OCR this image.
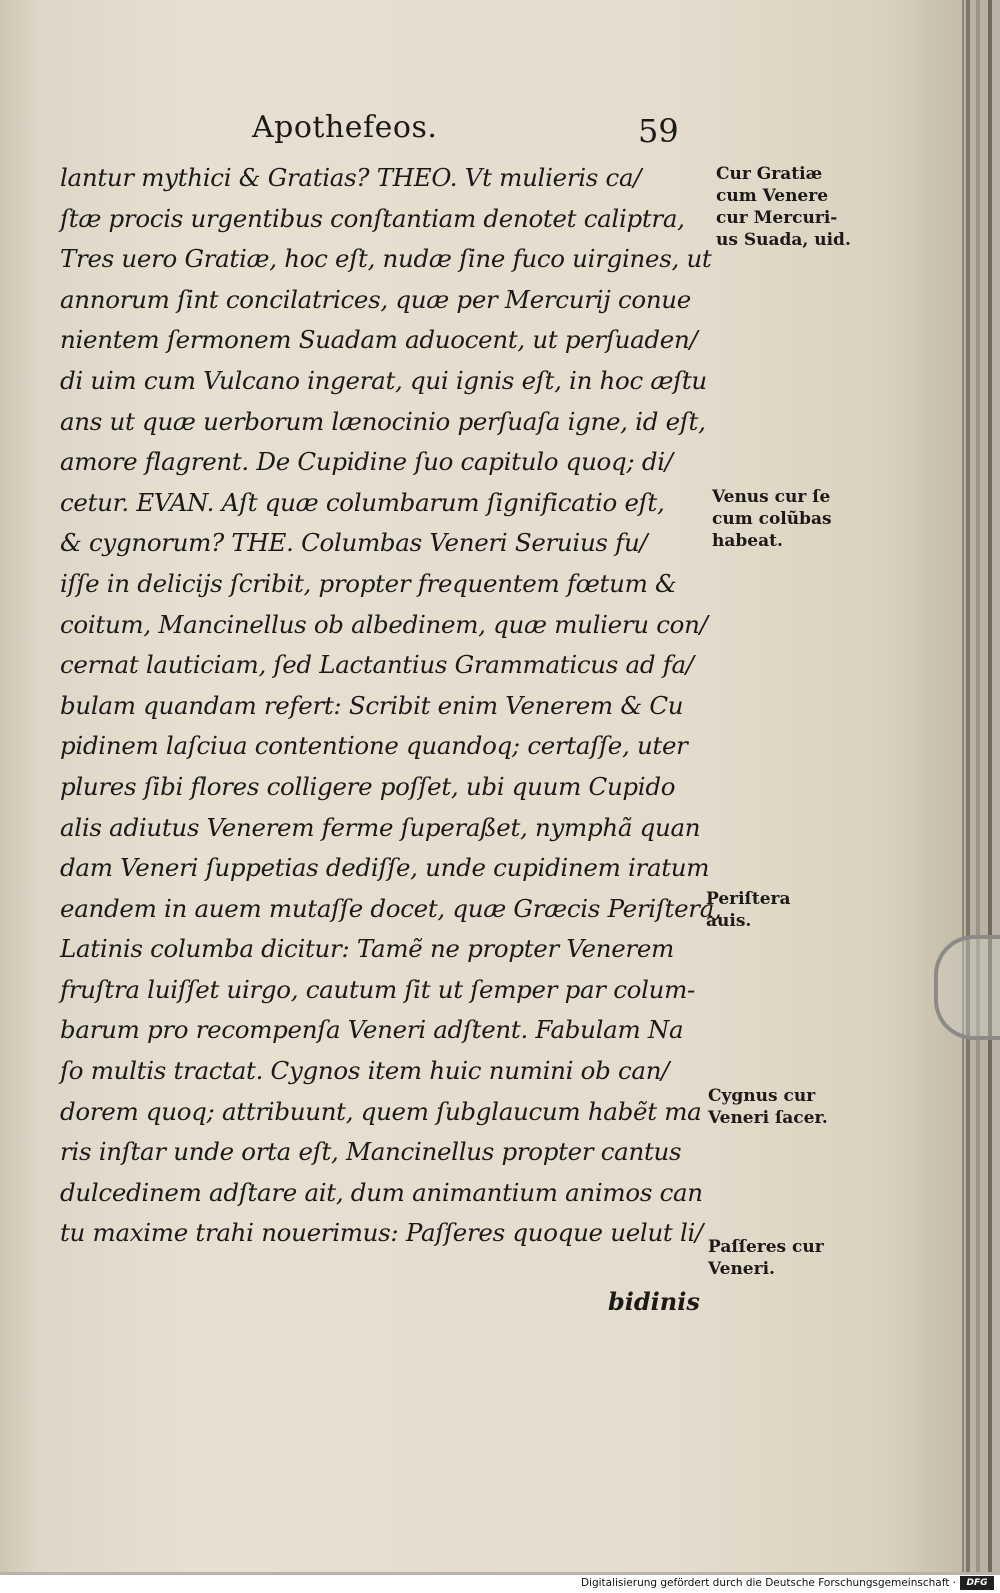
Apothefeos.	59
lantur mythici & Gratias? THEO. Vt mulieris ca/
ſtæ procis urgentibus conſtantiam denotet caliptra,
Tres uero Gratiæ, hoc eſt, nudæ ſine fuco uirgines, ut
annorum ſint concilatrices, quæ per Mercurij conue
nientem ſermonem Suadam aduocent, ut perſuaden/
di uim cum Vulcano ingerat, qui ignis eſt, in hoc æſtu
ans ut quæ uerborum lænocinio perſuaſa igne, id eſt,
amore flagrent. De Cupidine ſuo capitulo quoq; di/
cetur. EVAN. Aſt quæ columbarum ſignificatio eſt,
& cygnorum? THE. Columbas Veneri Seruius fu/
iſſe in delicijs ſcribit, propter frequentem fœtum &
coitum, Mancinellus ob albedinem, quæ mulieru con/
cernat lauticiam, ſed Lactantius Grammaticus ad fa/
bulam quandam refert: Scribit enim Venerem & Cu
pidinem laſciua contentione quandoq; certaſſe, uter
plures ſibi flores colligere poſſet, ubi quum Cupido
alis adiutus Venerem ferme ſuperaßet, nymphã quan
dam Veneri ſuppetias dediſſe, unde cupidinem iratum
eandem in auem mutaſſe docet, quæ Græcis Periſtera,
Latinis columba dicitur: Tamẽ ne propter Venerem
fruſtra luiſſet uirgo, cautum ſit ut ſemper par colum-
barum pro recompenſa Veneri adſtent. Fabulam Na
ſo multis tractat. Cygnos item huic numini ob can/
dorem quoq; attribuunt, quem ſubglaucum habẽt ma
ris inſtar unde orta eſt, Mancinellus propter cantus
dulcedinem adſtare ait, dum animantium animos can
tu maxime trahi nouerimus: Paſſeres quoque uelut li/
bidinis
Cur Gratiæ
cum Venere
cur Mercuri-
us Suada, uid.
Venus cur ſe
cum colũbas
habeat.
Periſtera
auis.
Cygnus cur
Veneri ſacer.
Paſſeres cur
Veneri.
Digitalisierung gefördert durch die Deutsche Forschungsgemeinschaft ·	DFG
